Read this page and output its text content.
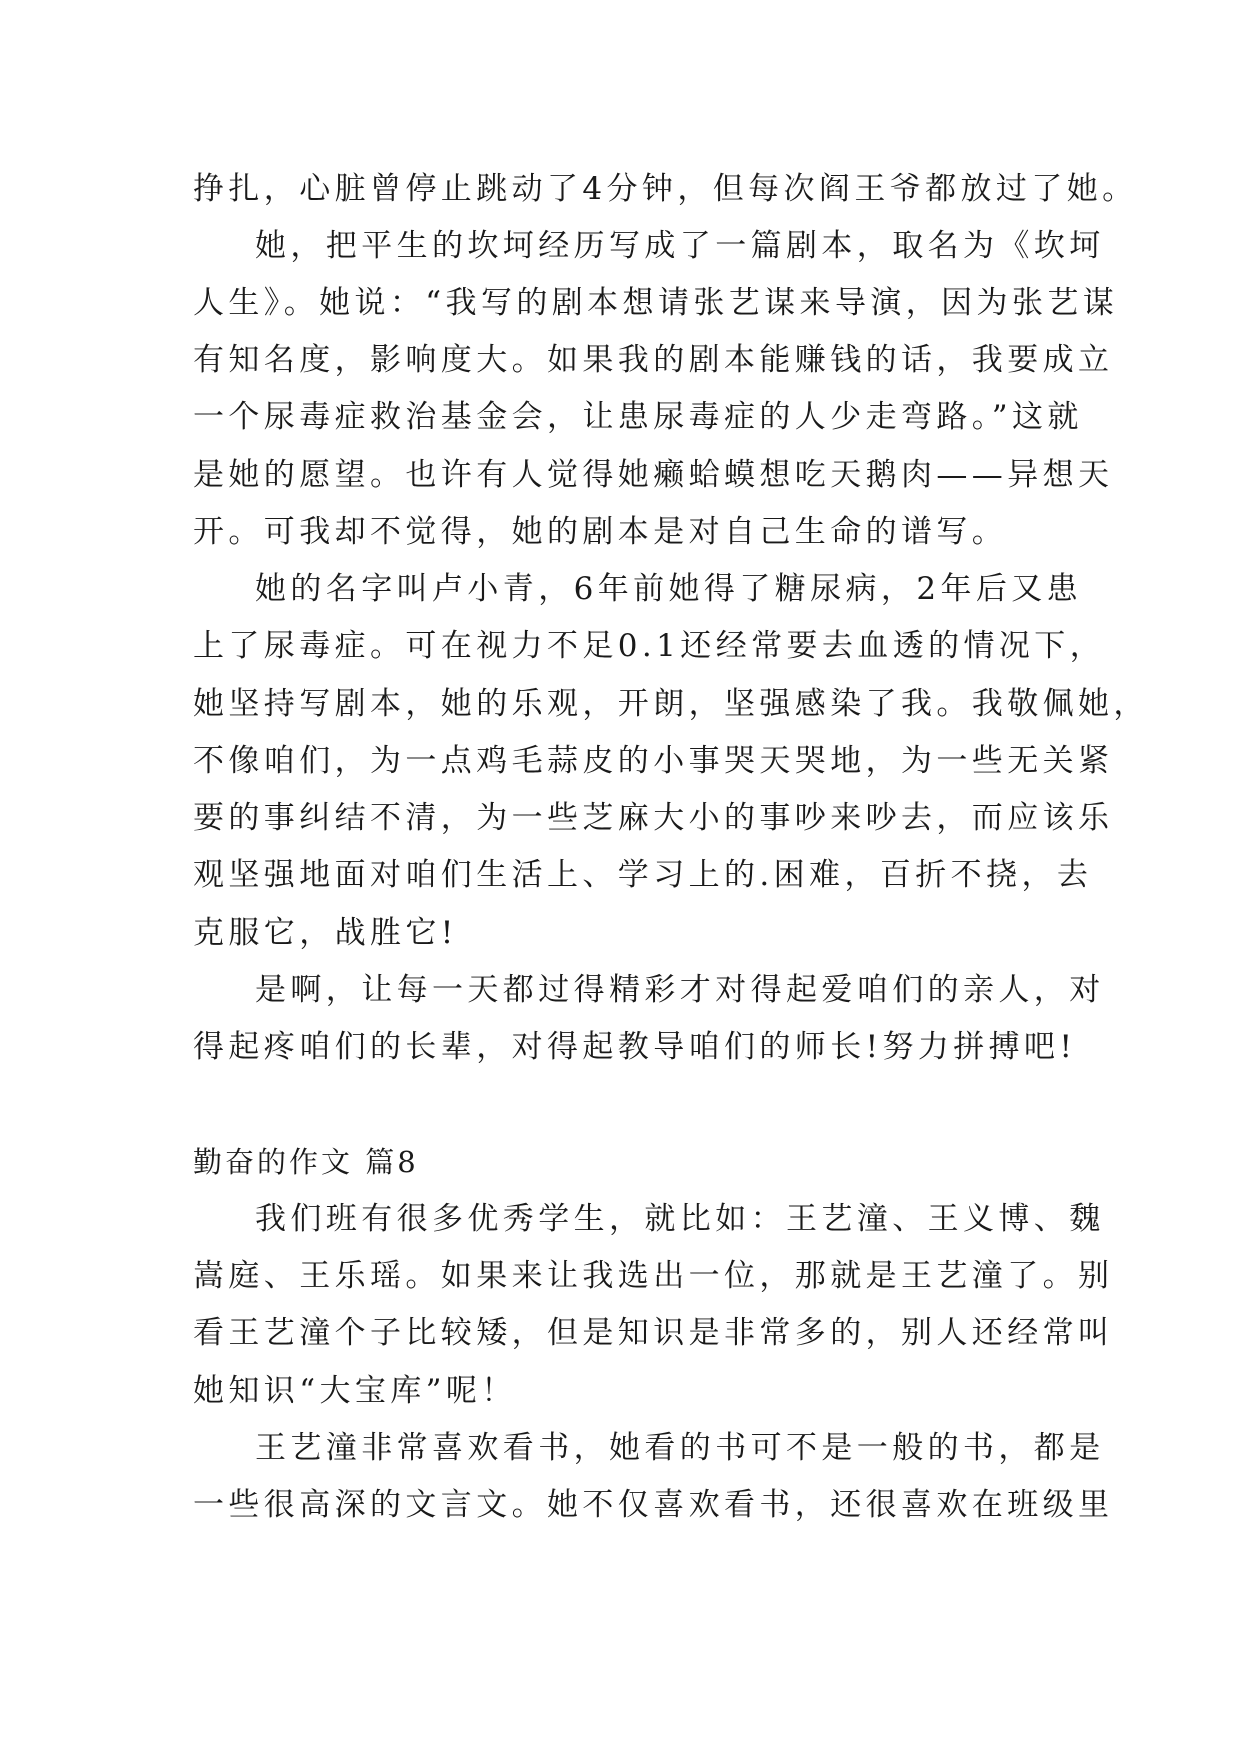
挣扎，心脏曾停止跳动了4分钟，但每次阎王爷都放过了她。
她，把平生的坎坷经历写成了一篇剧本，取名为《坎坷
人生》。她说：“我写的剧本想请张艺谋来导演，因为张艺谋
有知名度，影响度大。如果我的剧本能赚钱的话，我要成立
一个尿毒症救治基金会，让患尿毒症的人少走弯路。”这就
是她的愿望。也许有人觉得她癞蛤蟆想吃天鹅肉——异想天
开。可我却不觉得，她的剧本是对自己生命的谱写。
她的名字叫卢小青，6年前她得了糖尿病，2年后又患
上了尿毒症。可在视力不足0.1还经常要去血透的情况下，
她坚持写剧本，她的乐观，开朗，坚强感染了我。我敬佩她，
不像咱们，为一点鸡毛蒜皮的小事哭天哭地，为一些无关紧
要的事纠结不清，为一些芝麻大小的事吵来吵去，而应该乐
观坚强地面对咱们生活上、学习上的.困难，百折不挠，去
克服它，战胜它!
是啊，让每一天都过得精彩才对得起爱咱们的亲人，对
得起疼咱们的长辈，对得起教导咱们的师长!努力拼搏吧!
勤奋的作文 篇8
我们班有很多优秀学生，就比如：王艺潼、王义博、魏
嵩庭、王乐瑶。如果来让我选出一位，那就是王艺潼了。别
看王艺潼个子比较矮，但是知识是非常多的，别人还经常叫
她知识“大宝库”呢！
王艺潼非常喜欢看书，她看的书可不是一般的书，都是
一些很高深的文言文。她不仅喜欢看书，还很喜欢在班级里
